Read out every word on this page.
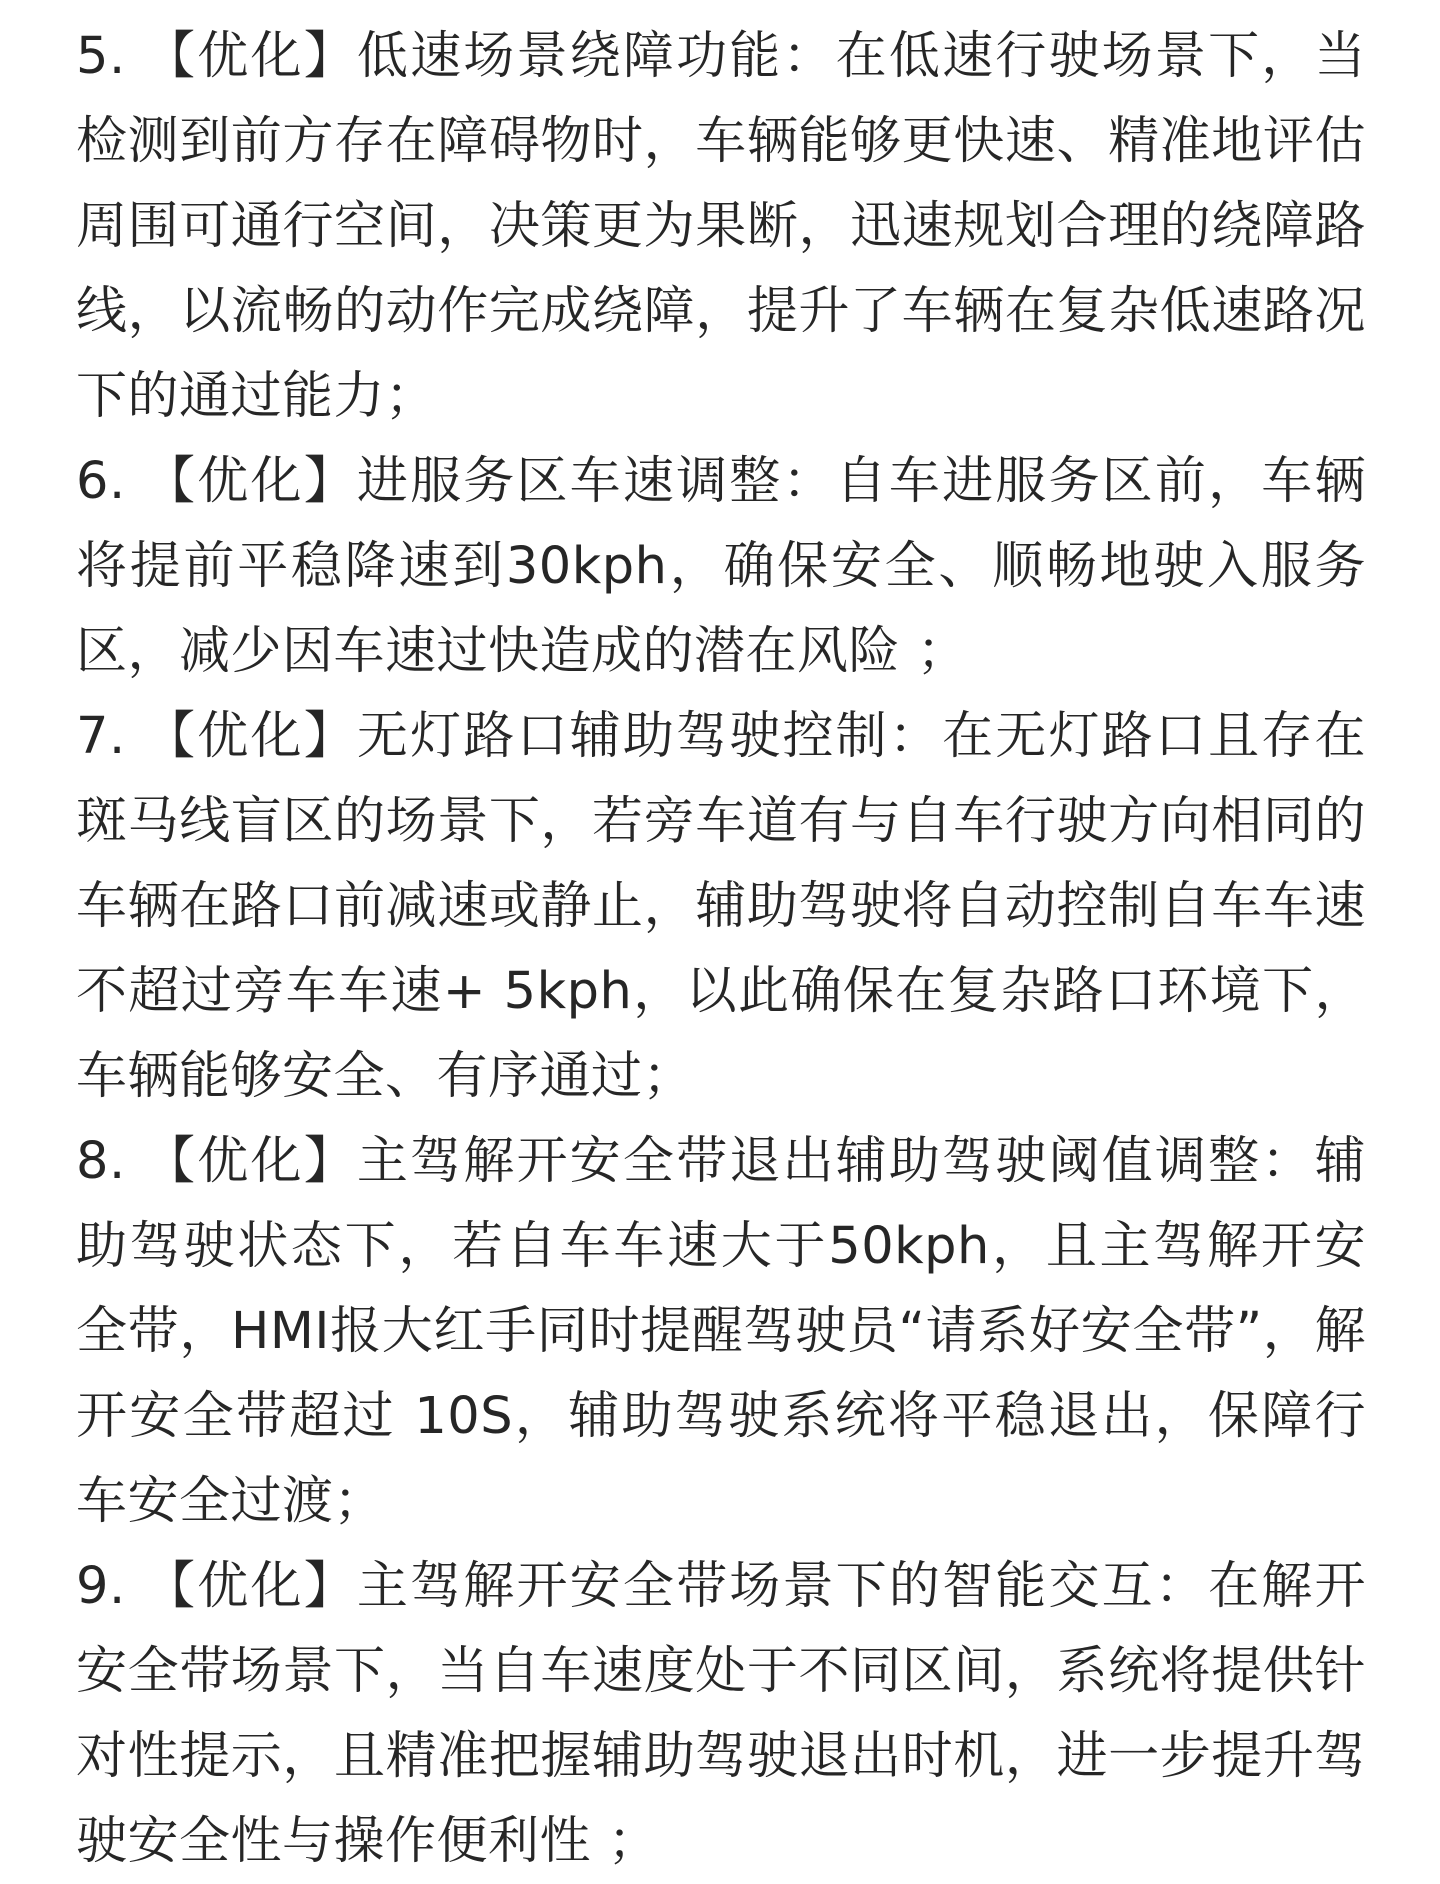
5. 【优化】低速场景绕障功能：在低速行驶场景下，当检测到前方存在障碍物时，车辆能够更快速、精准地评估周围可通行空间，决策更为果断，迅速规划合理的绕障路线，以流畅的动作完成绕障，提升了车辆在复杂低速路况下的通过能力；

6. 【优化】进服务区车速调整：自车进服务区前，车辆将提前平稳降速到30kph，确保安全、顺畅地驶入服务区，减少因车速过快造成的潜在风险 ；

7. 【优化】无灯路口辅助驾驶控制：在无灯路口且存在斑马线盲区的场景下，若旁车道有与自车行驶方向相同的车辆在路口前减速或静止，辅助驾驶将自动控制自车车速不超过旁车车速+ 5kph，以此确保在复杂路口环境下，车辆能够安全、有序通过；

8. 【优化】主驾解开安全带退出辅助驾驶阈值调整：辅助驾驶状态下，若自车车速大于50kph，且主驾解开安全带，HMI报大红手同时提醒驾驶员“请系好安全带”，解开安全带超过 10S，辅助驾驶系统将平稳退出，保障行车安全过渡；

9. 【优化】主驾解开安全带场景下的智能交互：在解开安全带场景下，当自车速度处于不同区间，系统将提供针对性提示，且精准把握辅助驾驶退出时机，进一步提升驾驶安全性与操作便利性 ；
